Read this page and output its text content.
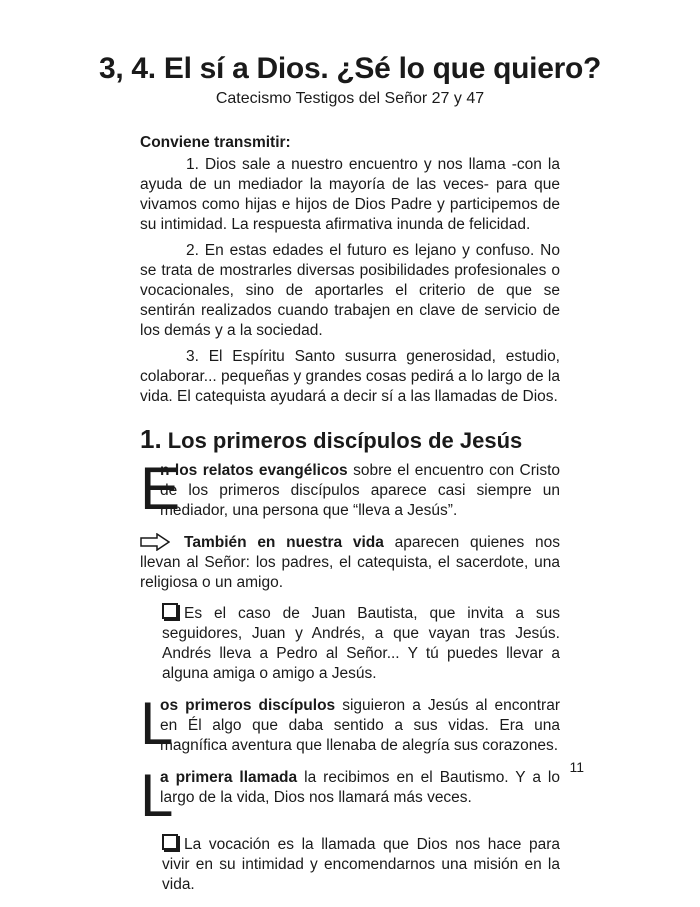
3, 4. El sí a Dios. ¿Sé lo que quiero?
Catecismo Testigos del Señor 27 y 47

Conviene transmitir:

1. Dios sale a nuestro encuentro y nos llama -con la ayuda de un mediador la mayoría de las veces- para que vivamos como hijas e hijos de Dios Padre y participemos de su intimidad. La respuesta afirmativa inunda de felicidad.

2. En estas edades el futuro es lejano y confuso. No se trata de mostrarles diversas posibilidades profesionales o vocacionales, sino de aportarles el criterio de que se sentirán realizados cuando trabajen en clave de servicio de los demás y a la sociedad.

3. El Espíritu Santo susurra generosidad, estudio, colaborar... pequeñas y grandes cosas pedirá a lo largo de la vida. El catequista ayudará a decir sí a las llamadas de Dios.

1. Los primeros discípulos de Jesús
E

n los relatos evangélicos sobre el encuentro con Cristo de los primeros discípulos aparece casi siempre un mediador, una persona que “lleva a Jesús”.

También en nuestra vida aparecen quienes nos llevan al Señor: los padres, el catequista, el sacerdote, una religiosa o un amigo.

Es el caso de Juan Bautista, que invita a sus seguidores, Juan y Andrés, a que vayan tras Jesús. Andrés lleva a Pedro al Señor... Y tú puedes llevar a alguna amiga o amigo a Jesús.

L

os primeros discípulos siguieron a Jesús al encontrar en Él algo que daba sentido a sus vidas. Era una magnífica aventura que llenaba de alegría sus corazones.

L

a primera llamada la recibimos en el Bautismo. Y a lo largo de la vida, Dios nos llamará más veces.

La vocación es la llamada que Dios nos hace para vivir en su intimidad y encomendarnos una misión en la vida.

11
